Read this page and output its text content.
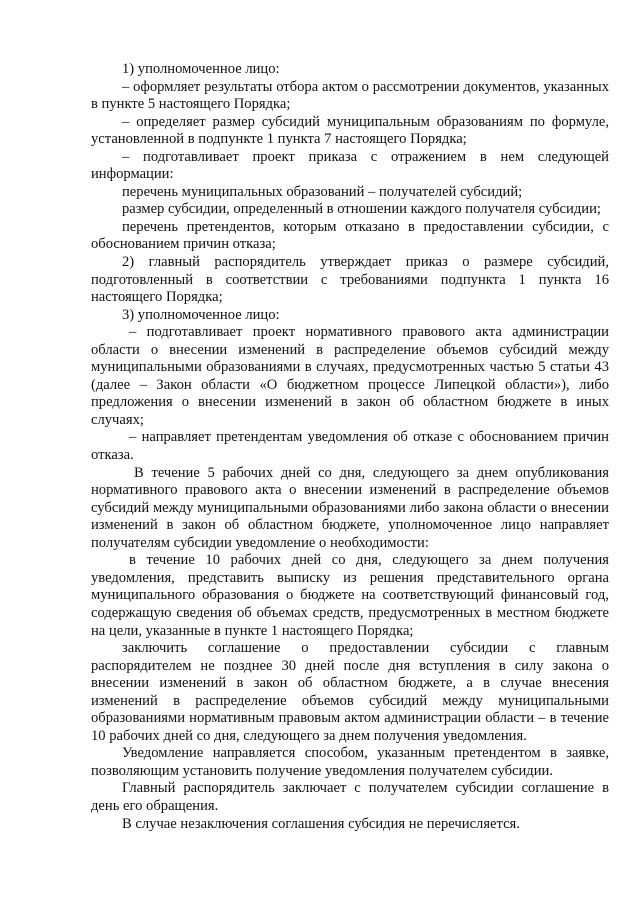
1) уполномоченное лицо:

– оформляет результаты отбора актом о рассмотрении документов, указанных в пункте 5 настоящего Порядка;

– определяет размер субсидий муниципальным образованиям по формуле, установленной в подпункте 1 пункта 7 настоящего Порядка;

– подготавливает проект приказа с отражением в нем следующей информации:

перечень муниципальных образований – получателей субсидий;

размер субсидии, определенный в отношении каждого получателя субсидии;

перечень претендентов, которым отказано в предоставлении субсидии, с обоснованием причин отказа;

2) главный распорядитель утверждает приказ о размере субсидий, подготовленный в соответствии с требованиями подпункта 1 пункта 16 настоящего Порядка;

3) уполномоченное лицо:

– подготавливает проект нормативного правового акта администрации области о внесении изменений в распределение объемов субсидий между муниципальными образованиями в случаях, предусмотренных частью 5 статьи 43 (далее – Закон области «О бюджетном процессе Липецкой области»), либо предложения о внесении изменений в закон об областном бюджете в иных случаях;

– направляет претендентам уведомления об отказе с обоснованием причин отказа.

В течение 5 рабочих дней со дня, следующего за днем опубликования нормативного правового акта о внесении изменений в распределение объемов субсидий между муниципальными образованиями либо закона области о внесении изменений в закон об областном бюджете, уполномоченное лицо направляет получателям субсидии уведомление о необходимости:

в течение 10 рабочих дней со дня, следующего за днем получения уведомления, представить выписку из решения представительного органа муниципального образования о бюджете на соответствующий финансовый год, содержащую сведения об объемах средств, предусмотренных в местном бюджете на цели, указанные в пункте 1 настоящего Порядка;

заключить соглашение о предоставлении субсидии с главным распорядителем не позднее 30 дней после дня вступления в силу закона о внесении изменений в закон об областном бюджете, а в случае внесения изменений в распределение объемов субсидий между муниципальными образованиями нормативным правовым актом администрации области – в течение 10 рабочих дней со дня, следующего за днем получения уведомления.

Уведомление направляется способом, указанным претендентом в заявке, позволяющим установить получение уведомления получателем субсидии.

Главный распорядитель заключает с получателем субсидии соглашение в день его обращения.

В случае незаключения соглашения субсидия не перечисляется.
